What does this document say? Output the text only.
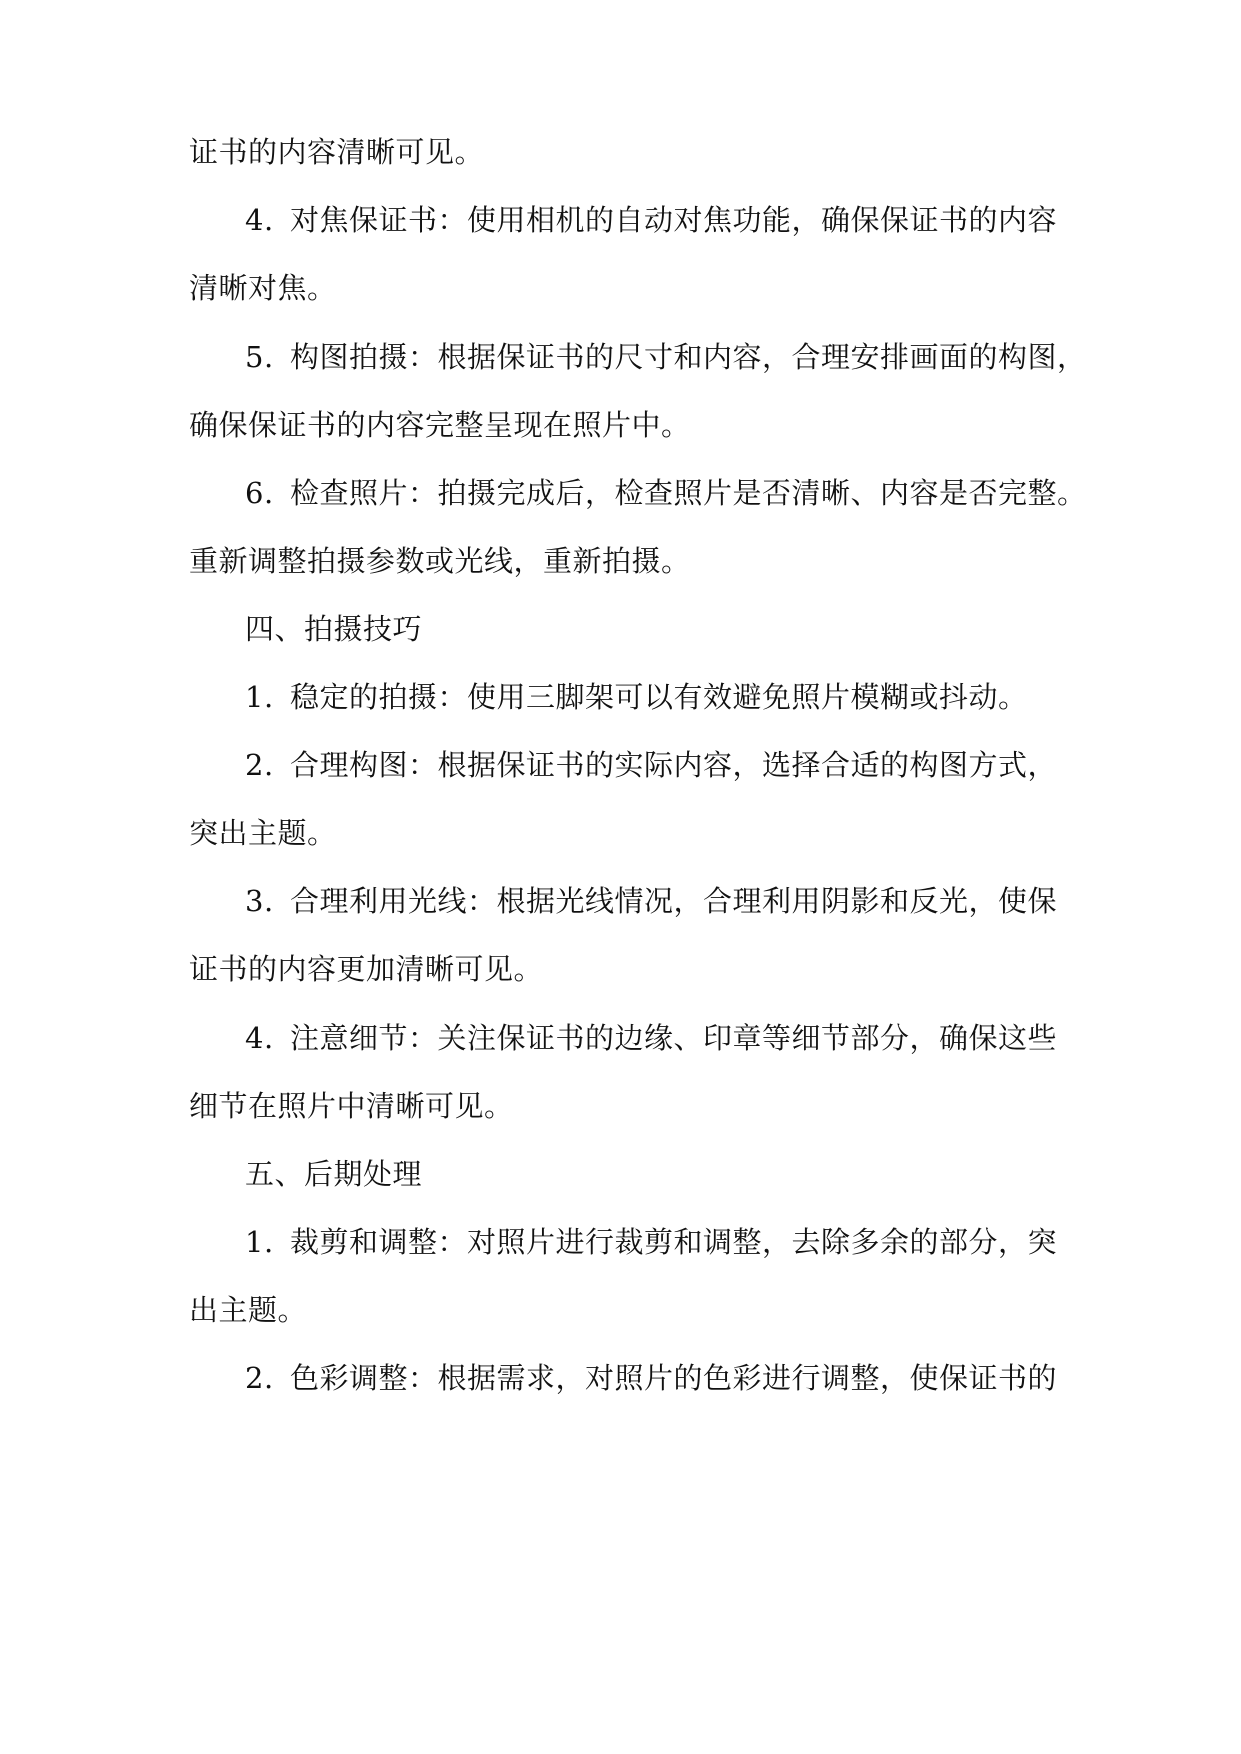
证书的内容清晰可见。
4. 对焦保证书：使用相机的自动对焦功能，确保保证书的内容
清晰对焦。
5. 构图拍摄：根据保证书的尺寸和内容，合理安排画面的构图，
确保保证书的内容完整呈现在照片中。
6. 检查照片：拍摄完成后，检查照片是否清晰、内容是否完整。
重新调整拍摄参数或光线，重新拍摄。
四、拍摄技巧
1. 稳定的拍摄：使用三脚架可以有效避免照片模糊或抖动。
2. 合理构图：根据保证书的实际内容，选择合适的构图方式，
突出主题。
3. 合理利用光线：根据光线情况，合理利用阴影和反光，使保
证书的内容更加清晰可见。
4. 注意细节：关注保证书的边缘、印章等细节部分，确保这些
细节在照片中清晰可见。
五、后期处理
1. 裁剪和调整：对照片进行裁剪和调整，去除多余的部分，突
出主题。
2. 色彩调整：根据需求，对照片的色彩进行调整，使保证书的
